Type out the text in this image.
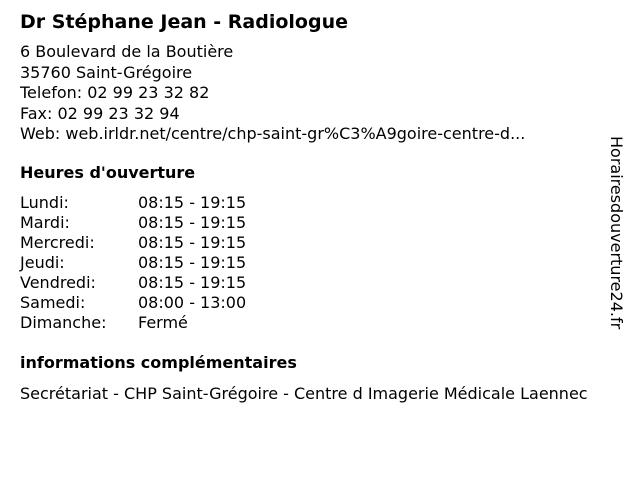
Dr Stéphane Jean - Radiologue
6 Boulevard de la Boutière
35760 Saint-Grégoire
Telefon: 02 99 23 32 82
Fax: 02 99 23 32 94
Web: web.irldr.net/centre/chp-saint-gr%C3%A9goire-centre-d...
Heures d'ouverture
Lundi:	08:15 - 19:15
Mardi:	08:15 - 19:15
Mercredi:	08:15 - 19:15
Jeudi:	08:15 - 19:15
Vendredi:	08:15 - 19:15
Samedi:	08:00 - 13:00
Dimanche:	Fermé
informations complémentaires
Secrétariat - CHP Saint-Grégoire - Centre d Imagerie Médicale Laennec
Horairesdouverture24.fr
